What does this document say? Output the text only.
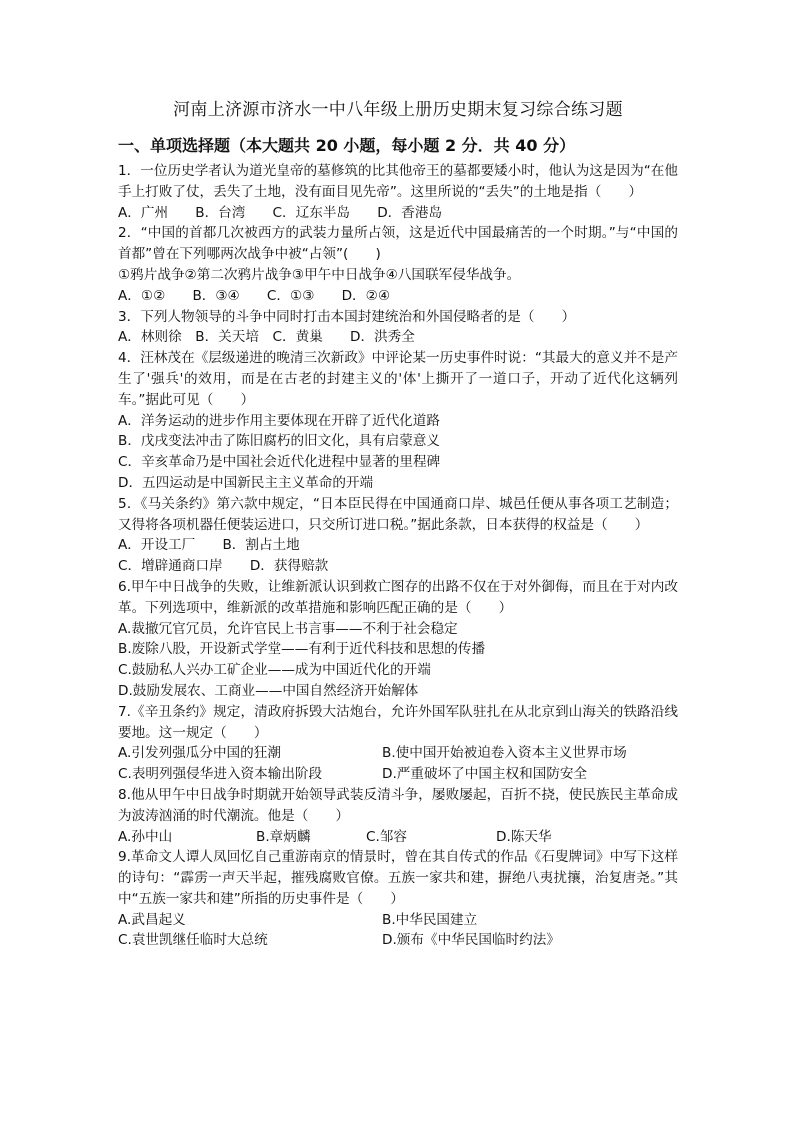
河南上济源市济水一中八年级上册历史期末复习综合练习题
一、单项选择题（本大题共 20 小题，每小题 2 分．共 40 分）
1．一位历史学者认为道光皇帝的墓修筑的比其他帝王的墓都要矮小时，他认为这是因为“在他手上打败了仗，丢失了土地，没有面目见先帝”。这里所说的“丢失”的土地是指（　　）
A．广州　　B．台湾　　C．辽东半岛　　D．香港岛
2．“中国的首都几次被西方的武装力量所占领，这是近代中国最痛苦的一个时期。”与“中国的首都”曾在下列哪两次战争中被“占领”(　　)
①鸦片战争②第二次鸦片战争③甲午中日战争④八国联军侵华战争。
A．①②　　B．③④　　C．①③　　D．②④
3．下列人物领导的斗争中同时打击本国封建统治和外国侵略者的是（　　）
A．林则徐　B．关天培　C．黄巢　　D．洪秀全
4．汪林茂在《层级递进的晚清三次新政》中评论某一历史事件时说：“其最大的意义并不是产生了'强兵'的效用，而是在古老的封建主义的'体'上撕开了一道口子，开动了近代化这辆列车。”据此可见（　　）
A．洋务运动的进步作用主要体现在开辟了近代化道路
B．戊戌变法冲击了陈旧腐朽的旧文化，具有启蒙意义
C．辛亥革命乃是中国社会近代化进程中显著的里程碑
D．五四运动是中国新民主主义革命的开端
5．《马关条约》第六款中规定，“日本臣民得在中国通商口岸、城邑任便从事各项工艺制造；又得将各项机器任便装运进口，只交所订进口税。”据此条款，日本获得的权益是（　　）
A．开设工厂　　B．割占土地
C．增辟通商口岸　　D．获得赔款
6.甲午中日战争的失败，让维新派认识到救亡图存的出路不仅在于对外御侮，而且在于对内改革。下列选项中，维新派的改革措施和影响匹配正确的是（　　）
A.裁撤冗官冗员，允许官民上书言事——不利于社会稳定
B.废除八股，开设新式学堂——有利于近代科技和思想的传播
C.鼓励私人兴办工矿企业——成为中国近代化的开端
D.鼓励发展农、工商业——中国自然经济开始解体
7.《辛丑条约》规定，清政府拆毁大沽炮台，允许外国军队驻扎在从北京到山海关的铁路沿线要地。这一规定（　　）
A.引发列强瓜分中国的狂潮	B.使中国开始被迫卷入资本主义世界市场
C.表明列强侵华进入资本输出阶段	D.严重破坏了中国主权和国防安全
8.他从甲午中日战争时期就开始领导武装反清斗争，屡败屡起，百折不挠，使民族民主革命成为波涛汹涌的时代潮流。他是（　　）
A.孙中山	B.章炳麟	C.邹容	D.陈天华
9.革命文人谭人凤回忆自己重游南京的情景时，曾在其自传式的作品《石叟牌词》中写下这样的诗句：“霹雳一声天半起，摧残腐败官僚。五族一家共和建，摒绝八夷扰攘，治复唐尧。”其中“五族一家共和建”所指的历史事件是（　　）
A.武昌起义	B.中华民国建立
C.袁世凯继任临时大总统	D.颁布《中华民国临时约法》
